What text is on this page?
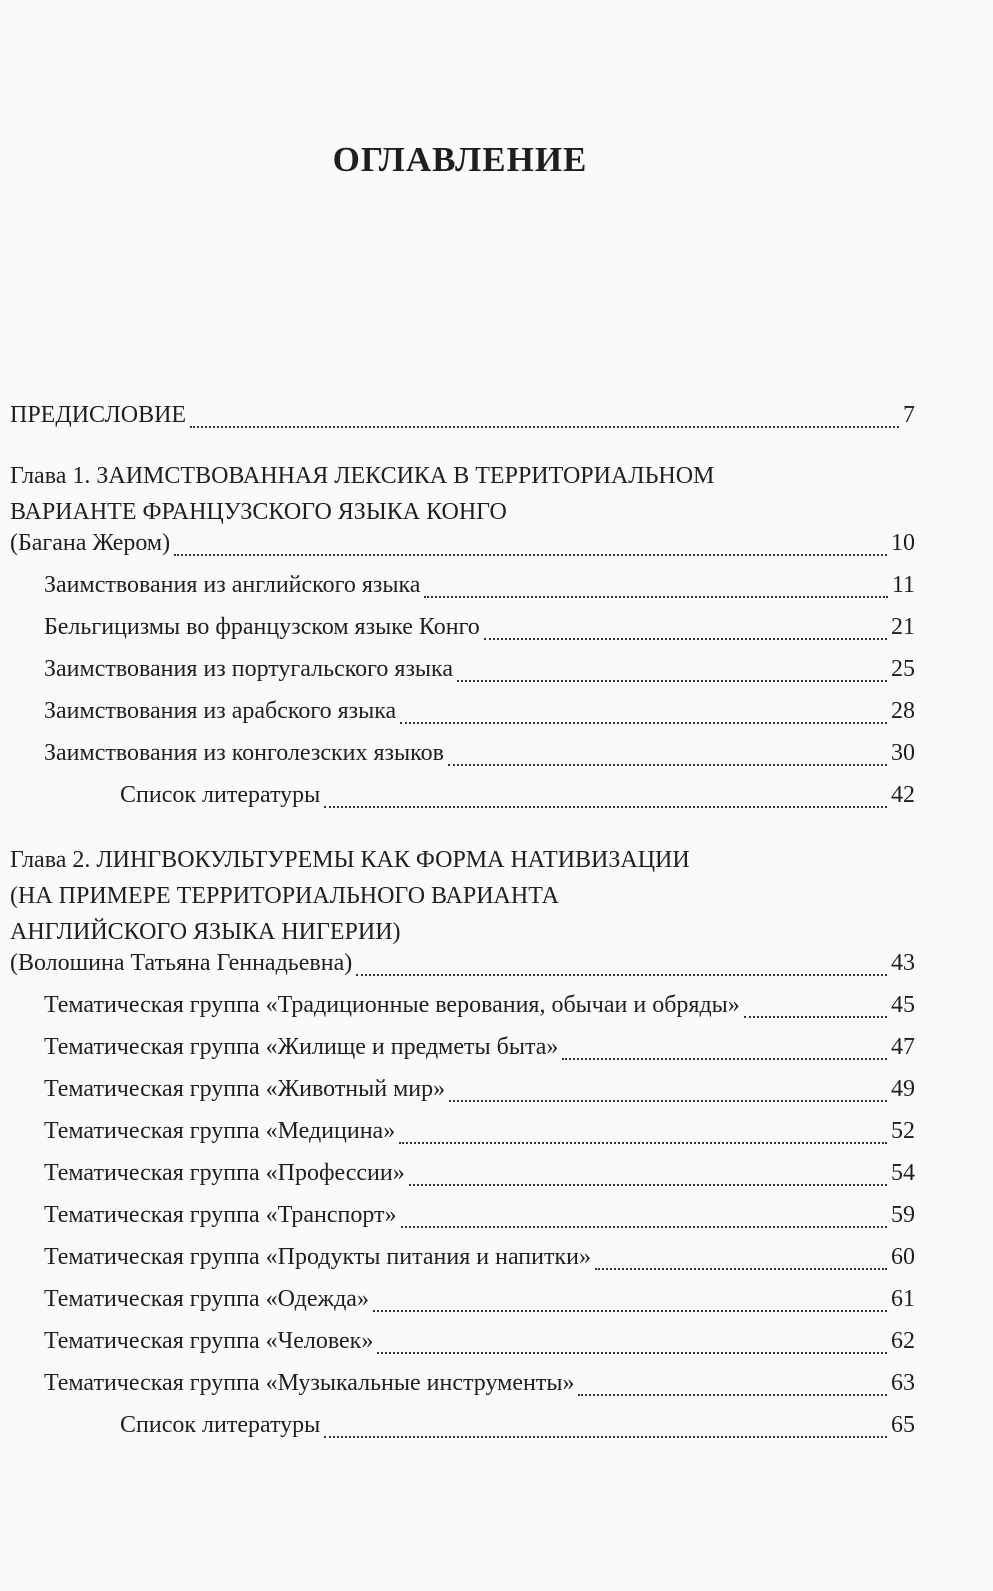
ОГЛАВЛЕНИЕ
ПРЕДИСЛОВИЕ	7
Глава 1. ЗАИМСТВОВАННАЯ ЛЕКСИКА В ТЕРРИТОРИАЛЬНОМ
ВАРИАНТЕ ФРАНЦУЗСКОГО ЯЗЫКА КОНГО
(Багана Жером)	10
Заимствования из английского языка	11
Бельгицизмы во французском языке Конго	21
Заимствования из португальского языка	25
Заимствования из арабского языка	28
Заимствования из конголезских языков	30
Список литературы	42
Глава 2. ЛИНГВОКУЛЬТУРЕМЫ КАК ФОРМА НАТИВИЗАЦИИ
(НА ПРИМЕРЕ ТЕРРИТОРИАЛЬНОГО ВАРИАНТА
АНГЛИЙСКОГО ЯЗЫКА НИГЕРИИ)
(Волошина Татьяна Геннадьевна)	43
Тематическая группа «Традиционные верования, обычаи и обряды»	45
Тематическая группа «Жилище и предметы быта»	47
Тематическая группа «Животный мир»	49
Тематическая группа «Медицина»	52
Тематическая группа «Профессии»	54
Тематическая группа «Транспорт»	59
Тематическая группа «Продукты питания и напитки»	60
Тематическая группа «Одежда»	61
Тематическая группа «Человек»	62
Тематическая группа «Музыкальные инструменты»	63
Список литературы	65
